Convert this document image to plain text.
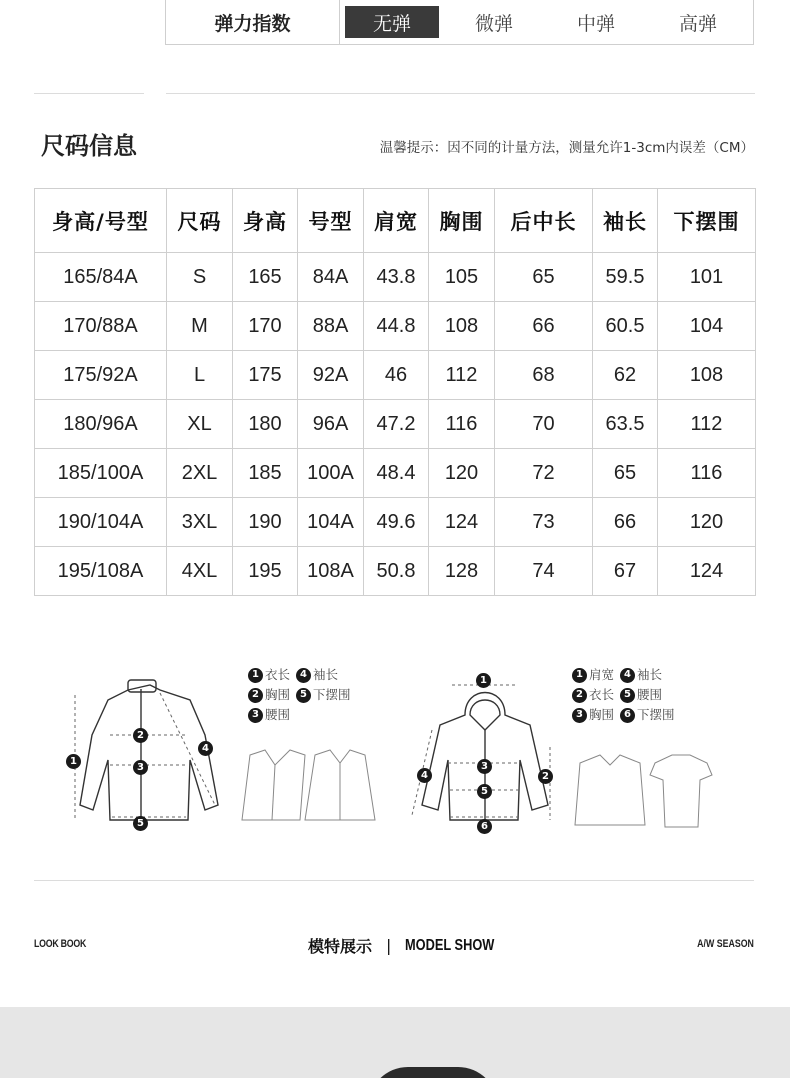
弹力指数	无弹	微弹	中弹	高弹
尺码信息	温馨提示：因不同的计量方法，测量允许1-3cm内误差（CM）
身高/号型	尺码	身高	号型	肩宽	胸围	后中长	袖长	下摆围
165/84A	S	165	84A	43.8	105	65	59.5	101
170/88A	M	170	88A	44.8	108	66	60.5	104
175/92A	L	175	92A	46	112	68	62	108
180/96A	XL	180	96A	47.2	116	70	63.5	112
185/100A	2XL	185	100A	48.4	120	72	65	116
190/104A	3XL	190	104A	49.6	124	73	66	120
195/108A	4XL	195	108A	50.8	128	74	67	124
1
2
3
4
5
1
2
3
4
5
6
1 衣长	4 袖长
2 胸围	5 下摆围
3 腰围
1 肩宽	4 袖长
2 衣长	5 腰围
3 胸围	6 下摆围
LOOK BOOK	模特展示 | MODEL SHOW	A/W SEASON
